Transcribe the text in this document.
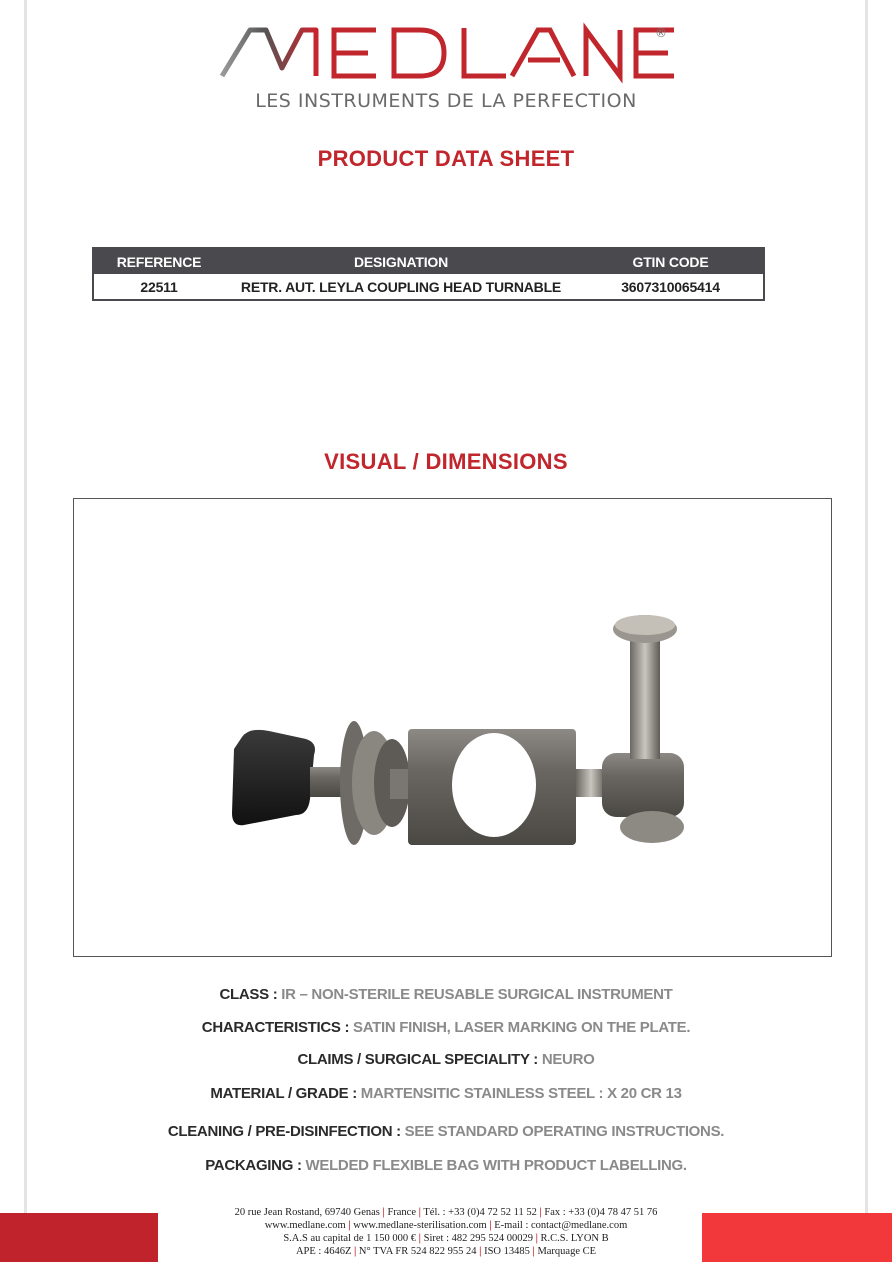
®
LES INSTRUMENTS DE LA PERFECTION
PRODUCT DATA SHEET
REFERENCE	DESIGNATION	GTIN CODE
22511	RETR. AUT. LEYLA COUPLING HEAD TURNABLE	3607310065414
VISUAL / DIMENSIONS
CLASS : IR – NON-STERILE REUSABLE SURGICAL INSTRUMENT
CHARACTERISTICS : SATIN FINISH, LASER MARKING ON THE PLATE.
CLAIMS / SURGICAL SPECIALITY : NEURO
MATERIAL / GRADE : MARTENSITIC STAINLESS STEEL : X 20 CR 13
CLEANING / PRE-DISINFECTION : SEE STANDARD OPERATING INSTRUCTIONS.
PACKAGING : WELDED FLEXIBLE BAG WITH PRODUCT LABELLING.
20 rue Jean Rostand, 69740 Genas | France | Tél. : +33 (0)4 72 52 11 52 | Fax : +33 (0)4 78 47 51 76
www.medlane.com | www.medlane-sterilisation.com | E-mail : contact@medlane.com
S.A.S au capital de 1 150 000 € | Siret : 482 295 524 00029 | R.C.S. LYON B
APE : 4646Z | N° TVA FR 524 822 955 24 | ISO 13485 | Marquage CE
